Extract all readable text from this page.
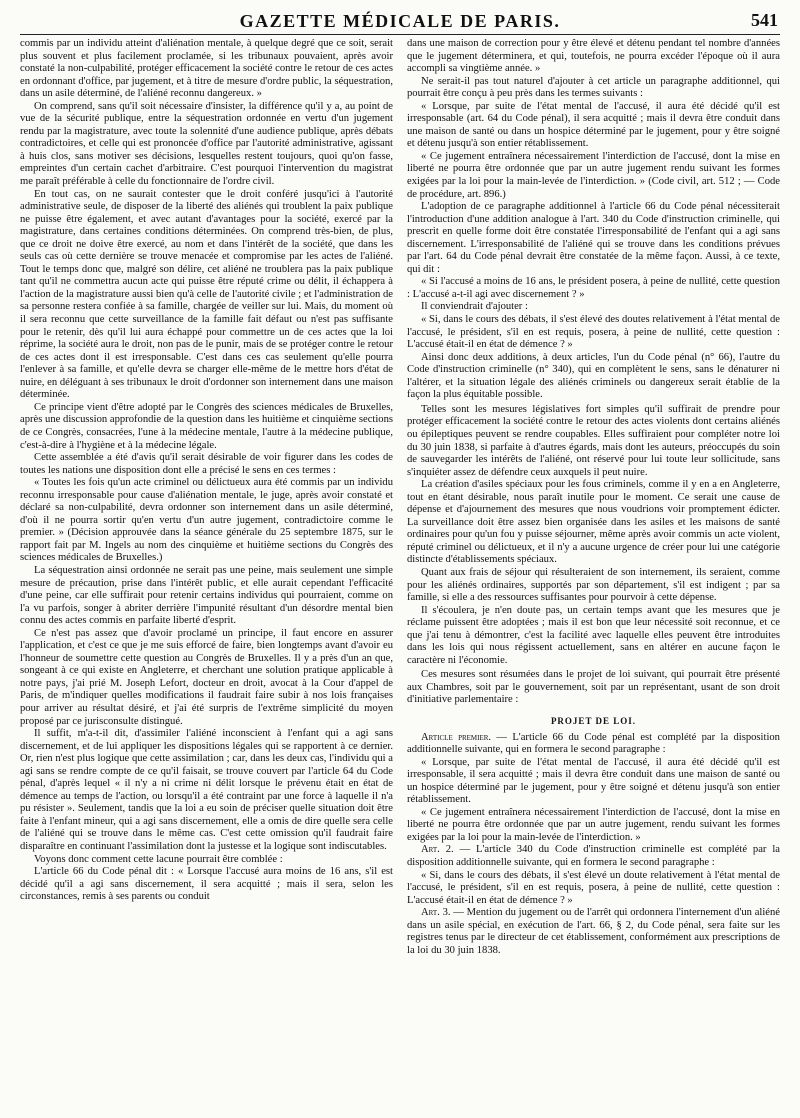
GAZETTE MÉDICALE DE PARIS.	541

commis par un individu atteint d'aliénation mentale, à quelque degré que ce soit, serait plus souvent et plus facilement proclamée, si les tribunaux pouvaient, après avoir constaté la non-culpabilité, protéger efficacement la société contre le retour de ces actes en ordonnant d'office, par jugement, et à titre de mesure d'ordre public, la séquestration, dans un asile déterminé, de l'aliéné reconnu dangereux. »

On comprend, sans qu'il soit nécessaire d'insister, la différence qu'il y a, au point de vue de la sécurité publique, entre la séquestration ordonnée en vertu d'un jugement rendu par la magistrature, avec toute la solennité d'une audience publique, après débats contradictoires, et celle qui est prononcée d'office par l'autorité administrative, agissant à huis clos, sans motiver ses décisions, lesquelles restent toujours, quoi qu'on fasse, empreintes d'un certain cachet d'arbitraire. C'est pourquoi l'intervention du magistrat me paraît préférable à celle du fonctionnaire de l'ordre civil.

En tout cas, on ne saurait contester que le droit conféré jusqu'ici à l'autorité administrative seule, de disposer de la liberté des aliénés qui troublent la paix publique ne puisse être également, et avec autant d'avantages pour la société, exercé par la magistrature, dans certaines conditions déterminées. On comprend très-bien, de plus, que ce droit ne doive être exercé, au nom et dans l'intérêt de la société, que dans les seuls cas où cette dernière se trouve menacée et compromise par les actes de l'aliéné. Tout le temps donc que, malgré son délire, cet aliéné ne troublera pas la paix publique tant qu'il ne commettra aucun acte qui puisse être réputé crime ou délit, il échappera à l'action de la magistrature aussi bien qu'à celle de l'autorité civile ; et l'administration de sa personne restera confiée à sa famille, chargée de veiller sur lui. Mais, du moment où il sera reconnu que cette surveillance de la famille fait défaut ou n'est pas suffisante pour le retenir, dès qu'il lui aura échappé pour commettre un de ces actes que la loi réprime, la société aura le droit, non pas de le punir, mais de se protéger contre le retour de ces actes dont il est irresponsable. C'est dans ces cas seulement qu'elle pourra l'enlever à sa famille, et qu'elle devra se charger elle-même de le mettre hors d'état de nuire, en déléguant à ses tribunaux le droit d'ordonner son internement dans une maison déterminée.

Ce principe vient d'être adopté par le Congrès des sciences médicales de Bruxelles, après une discussion approfondie de la question dans les huitième et cinquième sections de ce Congrès, consacrées, l'une à la médecine mentale, l'autre à la médecine publique, c'est-à-dire à l'hygiène et à la médecine légale.

Cette assemblée a été d'avis qu'il serait désirable de voir figurer dans les codes de toutes les nations une disposition dont elle a précisé le sens en ces termes :

« Toutes les fois qu'un acte criminel ou délictueux aura été commis par un individu reconnu irresponsable pour cause d'aliénation mentale, le juge, après avoir constaté et déclaré sa non-culpabilité, devra ordonner son internement dans un asile déterminé, d'où il ne pourra sortir qu'en vertu d'un autre jugement, contradictoire comme le premier. » (Décision approuvée dans la séance générale du 25 septembre 1875, sur le rapport fait par M. Ingels au nom des cinquième et huitième sections du Congrès des sciences médicales de Bruxelles.)

La séquestration ainsi ordonnée ne serait pas une peine, mais seulement une simple mesure de précaution, prise dans l'intérêt public, et elle aurait cependant l'efficacité d'une peine, car elle suffirait pour retenir certains individus qui pourraient, comme on l'a vu parfois, songer à abriter derrière l'impunité résultant d'un désordre mental bien connu des actes commis en parfaite liberté d'esprit.

Ce n'est pas assez que d'avoir proclamé un principe, il faut encore en assurer l'application, et c'est ce que je me suis efforcé de faire, bien longtemps avant d'avoir eu l'honneur de soumettre cette question au Congrès de Bruxelles. Il y a près d'un an que, songeant à ce qui existe en Angleterre, et cherchant une solution pratique applicable à notre pays, j'ai prié M. Joseph Lefort, docteur en droit, avocat à la Cour d'appel de Paris, de m'indiquer quelles modifications il faudrait faire subir à nos lois françaises pour arriver au résultat désiré, et j'ai été surpris de l'extrême simplicité du moyen proposé par ce jurisconsulte distingué.

Il suffit, m'a-t-il dit, d'assimiler l'aliéné inconscient à l'enfant qui a agi sans discernement, et de lui appliquer les dispositions légales qui se rapportent à ce dernier. Or, rien n'est plus logique que cette assimilation ; car, dans les deux cas, l'individu qui a agi sans se rendre compte de ce qu'il faisait, se trouve couvert par l'article 64 du Code pénal, d'après lequel « il n'y a ni crime ni délit lorsque le prévenu était en état de démence au temps de l'action, ou lorsqu'il a été contraint par une force à laquelle il n'a pu résister ». Seulement, tandis que la loi a eu soin de préciser quelle situation doit être faite à l'enfant mineur, qui a agi sans discernement, elle a omis de dire quelle sera celle de l'aliéné qui se trouve dans le même cas. C'est cette omission qu'il faudrait faire disparaître en continuant l'assimilation dont la justesse et la logique sont indiscutables.

Voyons donc comment cette lacune pourrait être comblée :

L'article 66 du Code pénal dit : « Lorsque l'accusé aura moins de 16 ans, s'il est décidé qu'il a agi sans discernement, il sera acquitté ; mais il sera, selon les circonstances, remis à ses parents ou conduit

dans une maison de correction pour y être élevé et détenu pendant tel nombre d'années que le jugement déterminera, et qui, toutefois, ne pourra excéder l'époque où il aura accompli sa vingtième année. »

Ne serait-il pas tout naturel d'ajouter à cet article un paragraphe additionnel, qui pourrait être conçu à peu près dans les termes suivants :

« Lorsque, par suite de l'état mental de l'accusé, il aura été décidé qu'il est irresponsable (art. 64 du Code pénal), il sera acquitté ; mais il devra être conduit dans une maison de santé ou dans un hospice déterminé par le jugement, pour y être soigné et détenu jusqu'à son entier rétablissement.

« Ce jugement entraînera nécessairement l'interdiction de l'accusé, dont la mise en liberté ne pourra être ordonnée que par un autre jugement rendu suivant les formes exigées par la loi pour la main-levée de l'interdiction. » (Code civil, art. 512 ; — Code de procédure, art. 896.)

L'adoption de ce paragraphe additionnel à l'article 66 du Code pénal nécessiterait l'introduction d'une addition analogue à l'art. 340 du Code d'instruction criminelle, qui prescrit en quelle forme doit être constatée l'irresponsabilité de l'enfant qui a agi sans discernement. L'irresponsabilité de l'aliéné qui se trouve dans les conditions prévues par l'art. 64 du Code pénal devrait être constatée de la même façon. Aussi, à ce texte, qui dit :

« Si l'accusé a moins de 16 ans, le président posera, à peine de nullité, cette question : L'accusé a-t-il agi avec discernement ? »

Il conviendrait d'ajouter :

« Si, dans le cours des débats, il s'est élevé des doutes relativement à l'état mental de l'accusé, le président, s'il en est requis, posera, à peine de nullité, cette question : L'accusé était-il en état de démence ? »

Ainsi donc deux additions, à deux articles, l'un du Code pénal (n° 66), l'autre du Code d'instruction criminelle (n° 340), qui en complètent le sens, sans le dénaturer ni l'altérer, et la situation légale des aliénés criminels ou dangereux serait établie de la façon la plus équitable possible.

Telles sont les mesures législatives fort simples qu'il suffirait de prendre pour protéger efficacement la société contre le retour des actes violents dont certains aliénés ou épileptiques peuvent se rendre coupables. Elles suffiraient pour compléter notre loi du 30 juin 1838, si parfaite à d'autres égards, mais dont les auteurs, préoccupés du soin de sauvegarder les intérêts de l'aliéné, ont réservé pour lui toute leur sollicitude, sans s'inquiéter assez de défendre ceux auxquels il peut nuire.

La création d'asiles spéciaux pour les fous criminels, comme il y en a en Angleterre, tout en étant désirable, nous paraît inutile pour le moment. Ce serait une cause de dépense et d'ajournement des mesures que nous voudrions voir promptement édicter. La surveillance doit être assez bien organisée dans les asiles et les maisons de santé ordinaires pour qu'un fou y puisse séjourner, même après avoir commis un acte violent, réputé criminel ou délictueux, et il n'y a aucune urgence de créer pour lui une catégorie distincte d'établissements spéciaux.

Quant aux frais de séjour qui résulteraient de son internement, ils seraient, comme pour les aliénés ordinaires, supportés par son département, s'il est indigent ; par sa famille, si elle a des ressources suffisantes pour pourvoir à cette dépense.

Il s'écoulera, je n'en doute pas, un certain temps avant que les mesures que je réclame puissent être adoptées ; mais il est bon que leur nécessité soit reconnue, et ce que j'ai tenu à démontrer, c'est la facilité avec laquelle elles peuvent être introduites dans les lois qui nous régissent actuellement, sans en altérer en aucune façon le caractère ni l'économie.

Ces mesures sont résumées dans le projet de loi suivant, qui pourrait être présenté aux Chambres, soit par le gouvernement, soit par un représentant, usant de son droit d'initiative parlementaire :

PROJET DE LOI.

Article premier. — L'article 66 du Code pénal est complété par la disposition additionnelle suivante, qui en formera le second paragraphe :

« Lorsque, par suite de l'état mental de l'accusé, il aura été décidé qu'il est irresponsable, il sera acquitté ; mais il devra être conduit dans une maison de santé ou un hospice déterminé par le jugement, pour y être soigné et détenu jusqu'à son entier rétablissement.

« Ce jugement entraînera nécessairement l'interdiction de l'accusé, dont la mise en liberté ne pourra être ordonnée que par un autre jugement, rendu suivant les formes exigées par la loi pour la main-levée de l'interdiction. »

Art. 2. — L'article 340 du Code d'instruction criminelle est complété par la disposition additionnelle suivante, qui en formera le second paragraphe :

« Si, dans le cours des débats, il s'est élevé un doute relativement à l'état mental de l'accusé, le président, s'il en est requis, posera, à peine de nullité, cette question : L'accusé était-il en état de démence ? »

Art. 3. — Mention du jugement ou de l'arrêt qui ordonnera l'internement d'un aliéné dans un asile spécial, en exécution de l'art. 66, § 2, du Code pénal, sera faite sur les registres tenus par le directeur de cet établissement, conformément aux prescriptions de la loi du 30 juin 1838.
